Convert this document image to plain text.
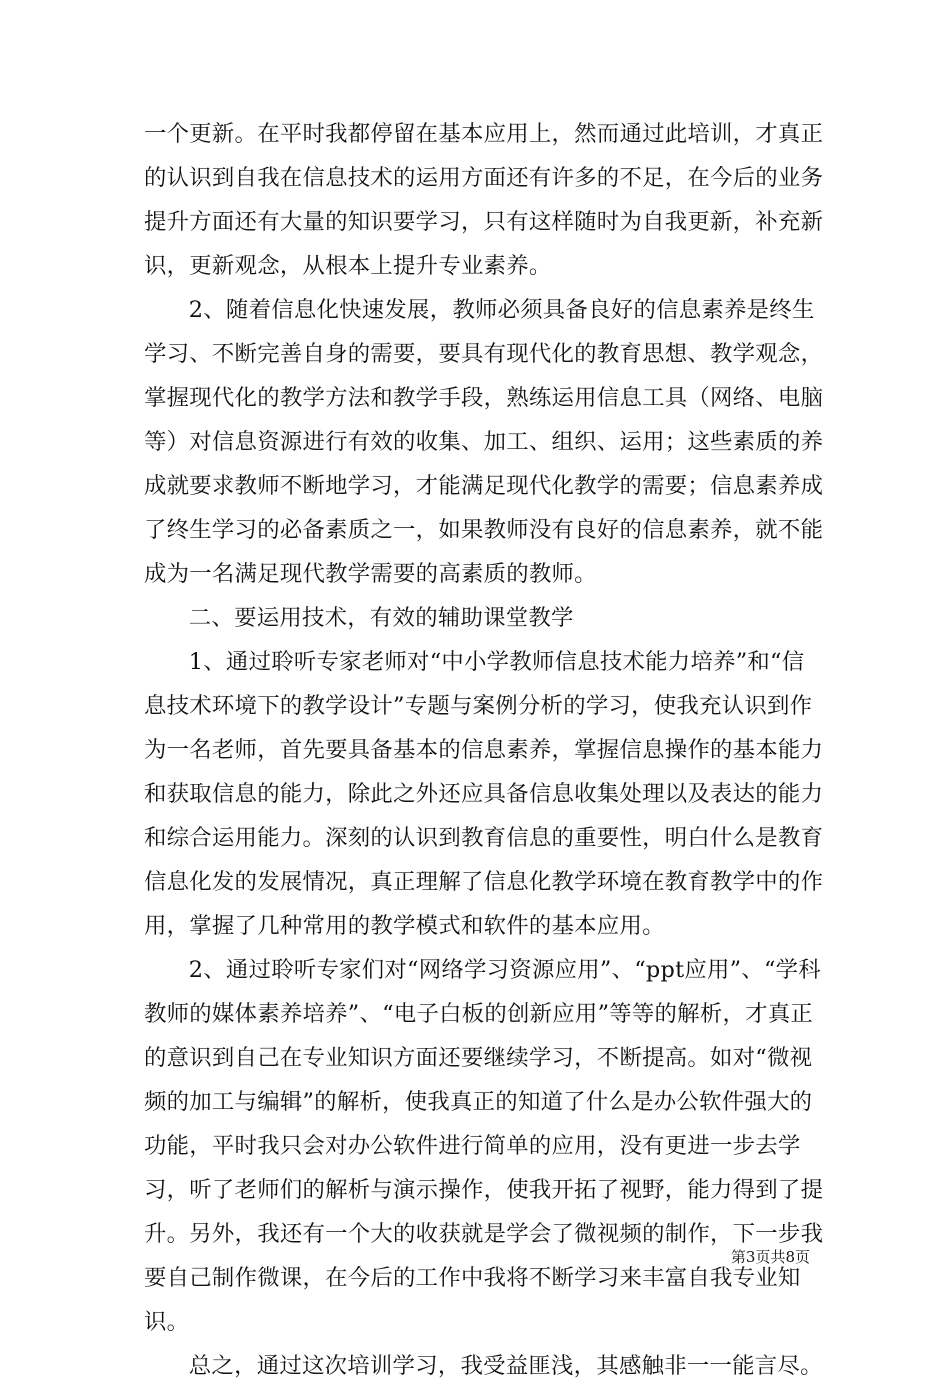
一个更新。在平时我都停留在基本应用上，然而通过此培训，才真正的认识到自我在信息技术的运用方面还有许多的不足，在今后的业务提升方面还有大量的知识要学习，只有这样随时为自我更新，补充新识，更新观念，从根本上提升专业素养。

2、随着信息化快速发展，教师必须具备良好的信息素养是终生学习、不断完善自身的需要，要具有现代化的教育思想、教学观念，掌握现代化的教学方法和教学手段，熟练运用信息工具（网络、电脑等）对信息资源进行有效的收集、加工、组织、运用；这些素质的养成就要求教师不断地学习，才能满足现代化教学的需要；信息素养成了终生学习的必备素质之一，如果教师没有良好的信息素养，就不能成为一名满足现代教学需要的高素质的教师。

二、要运用技术，有效的辅助课堂教学

1、通过聆听专家老师对“中小学教师信息技术能力培养”和“信息技术环境下的教学设计”专题与案例分析的学习，使我充认识到作为一名老师，首先要具备基本的信息素养，掌握信息操作的基本能力和获取信息的能力，除此之外还应具备信息收集处理以及表达的能力和综合运用能力。深刻的认识到教育信息的重要性，明白什么是教育信息化发的发展情况，真正理解了信息化教学环境在教育教学中的作用，掌握了几种常用的教学模式和软件的基本应用。

2、通过聆听专家们对“网络学习资源应用”、“ppt应用”、“学科教师的媒体素养培养”、“电子白板的创新应用”等等的解析，才真正的意识到自己在专业知识方面还要继续学习，不断提高。如对“微视频的加工与编辑”的解析，使我真正的知道了什么是办公软件强大的功能，平时我只会对办公软件进行简单的应用，没有更进一步去学习，听了老师们的解析与演示操作，使我开拓了视野，能力得到了提升。另外，我还有一个大的收获就是学会了微视频的制作，下一步我要自己制作微课，在今后的工作中我将不断学习来丰富自我专业知识。

总之，通过这次培训学习，我受益匪浅，其感触非一一能言尽。

第3页共8页
